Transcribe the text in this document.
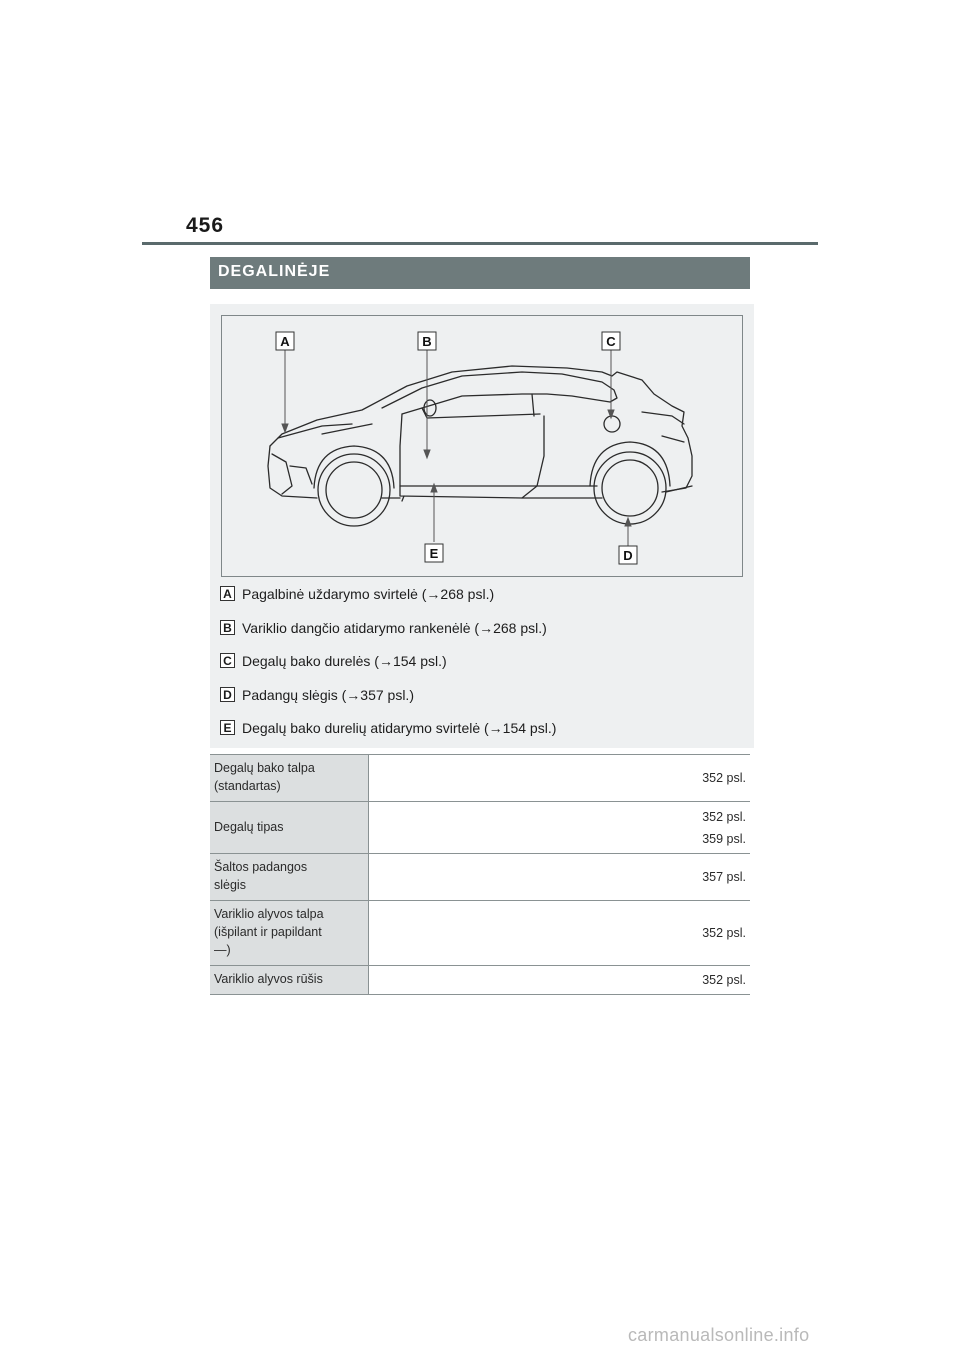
456
DEGALINĖJE
A	B	C
D
E
A Pagalbinė uždarymo svirtelė (→268 psl.)
B Variklio dangčio atidarymo rankenėlė (→268 psl.)
C Degalų bako durelės (→154 psl.)
D Padangų slėgis (→357 psl.)
E Degalų bako durelių atidarymo svirtelė (→154 psl.)
Degalų bako talpa
(standartas)	352 psl.

Degalų tipas	352 psl.
359 psl.

Šaltos padangos
slėgis	357 psl.

Variklio alyvos talpa
(išpilant ir papildant
—)	352 psl.

Variklio alyvos rūšis	352 psl.
carmanualsonline.info
